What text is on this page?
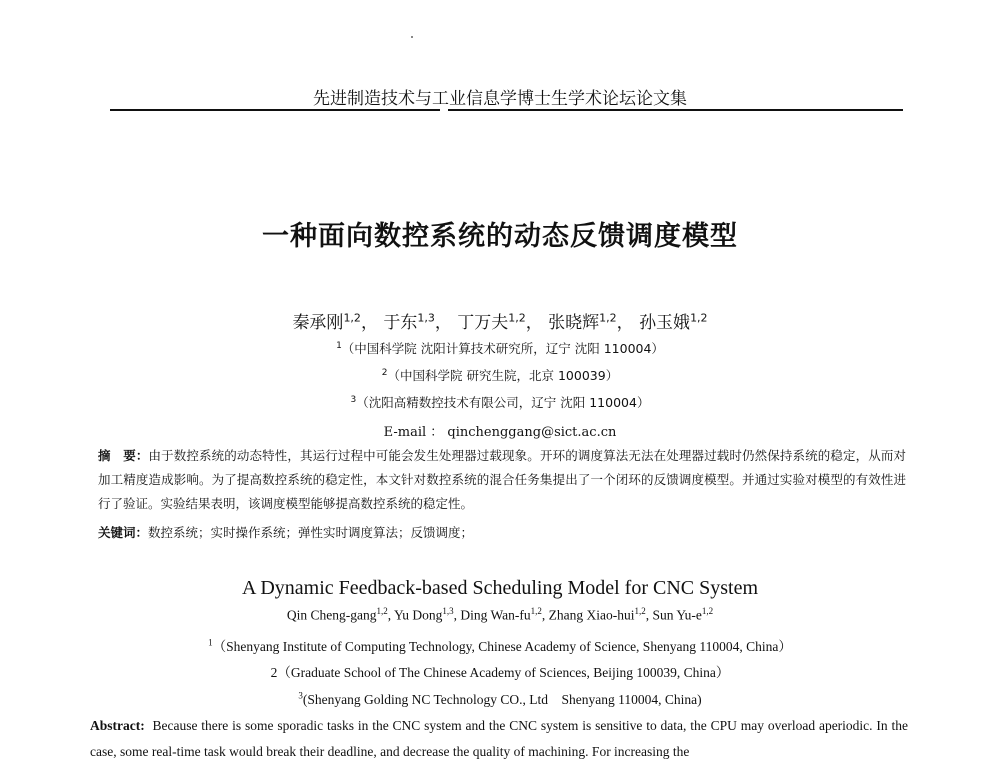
先进制造技术与工业信息学博士生学术论坛论文集
一种面向数控系统的动态反馈调度模型
秦承刚$^{1,2}$， 于东$^{1,3}$， 丁万夫$^{1,2}$， 张晓辉$^{1,2}$， 孙玉娥$^{1,2}$
$^1$（中国科学院 沈阳计算技术研究所，辽宁 沈阳 110004）
$^2$（中国科学院 研究生院，北京 100039）
$^3$（沈阳高精数控技术有限公司，辽宁 沈阳 110004）
E-mail ： qinchenggang@sict.ac.cn
摘　要：由于数控系统的动态特性，其运行过程中可能会发生处理器过载现象。开环的调度算法无法在处理器过载时仍然保持系统的稳定，从而对加工精度造成影响。为了提高数控系统的稳定性，本文针对数控系统的混合任务集提出了一个闭环的反馈调度模型。并通过实验对模型的有效性进行了验证。实验结果表明，该调度模型能够提高数控系统的稳定性。
关键词：数控系统；实时操作系统；弹性实时调度算法；反馈调度；
A Dynamic Feedback-based Scheduling Model for CNC System
Qin Cheng-gang$^{1,2}$, Yu Dong$^{1,3}$, Ding Wan-fu$^{1,2}$, Zhang Xiao-hui$^{1,2}$, Sun $Yu-e^{1,2}$
$^1$（Shenyang Institute of Computing Technology, Chinese Academy of Science, Shenyang 110004, China）
2（Graduate School of The Chinese Academy of Sciences, Beijing 100039, China）
$^3$(Shenyang Golding NC Technology CO., Ltd　Shenyang 110004, China)
Abstract: Because there is some sporadic tasks in the CNC system and the CNC system is sensitive to data, the CPU may overload aperiodic. In the case, some real-time task would break their deadline, and decrease the quality of machining. For increasing the
